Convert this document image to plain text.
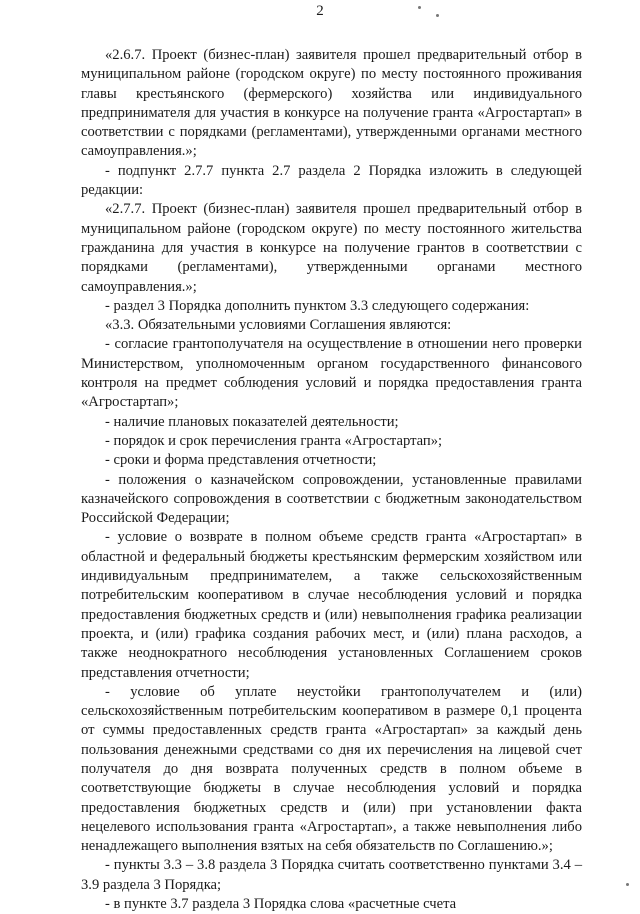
2

«2.6.7. Проект (бизнес-план) заявителя прошел предварительный отбор в муниципальном районе (городском округе) по месту постоянного проживания главы крестьянского (фермерского) хозяйства или индивидуального предпринимателя для участия в конкурсе на получение гранта «Агростартап» в соответствии с порядками (регламентами), утвержденными органами местного самоуправления.»;

- подпункт 2.7.7 пункта 2.7 раздела 2 Порядка изложить в следующей редакции:

«2.7.7. Проект (бизнес-план) заявителя прошел предварительный отбор в муниципальном районе (городском округе) по месту постоянного жительства гражданина для участия в конкурсе на получение грантов в соответствии с порядками (регламентами), утвержденными органами местного самоуправления.»;

- раздел 3 Порядка дополнить пунктом 3.3 следующего содержания:

«3.3. Обязательными условиями Соглашения являются:

- согласие грантополучателя на осуществление в отношении него проверки Министерством, уполномоченным органом государственного финансового контроля на предмет соблюдения условий и порядка предоставления гранта «Агростартап»;

- наличие плановых показателей деятельности;

- порядок и срок перечисления гранта «Агростартап»;

- сроки и форма представления отчетности;

- положения о казначейском сопровождении, установленные правилами казначейского сопровождения в соответствии с бюджетным законодательством Российской Федерации;

- условие о возврате в полном объеме средств гранта «Агростартап» в областной и федеральный бюджеты крестьянским фермерским хозяйством или индивидуальным предпринимателем, а также сельскохозяйственным потребительским кооперативом в случае несоблюдения условий и порядка предоставления бюджетных средств и (или) невыполнения графика реализации проекта, и (или) графика создания рабочих мест, и (или) плана расходов, а также неоднократного несоблюдения установленных Соглашением сроков представления отчетности;

- условие об уплате неустойки грантополучателем и (или) сельскохозяйственным потребительским кооперативом в размере 0,1 процента от суммы предоставленных средств гранта «Агростартап» за каждый день пользования денежными средствами со дня их перечисления на лицевой счет получателя до дня возврата полученных средств в полном объеме в соответствующие бюджеты в случае несоблюдения условий и порядка предоставления бюджетных средств и (или) при установлении факта нецелевого использования гранта «Агростартап», а также невыполнения либо ненадлежащего выполнения взятых на себя обязательств по Соглашению.»;

- пункты 3.3 – 3.8 раздела 3 Порядка считать соответственно пунктами 3.4 – 3.9 раздела 3 Порядка;

- в пункте 3.7 раздела 3 Порядка слова «расчетные счета
